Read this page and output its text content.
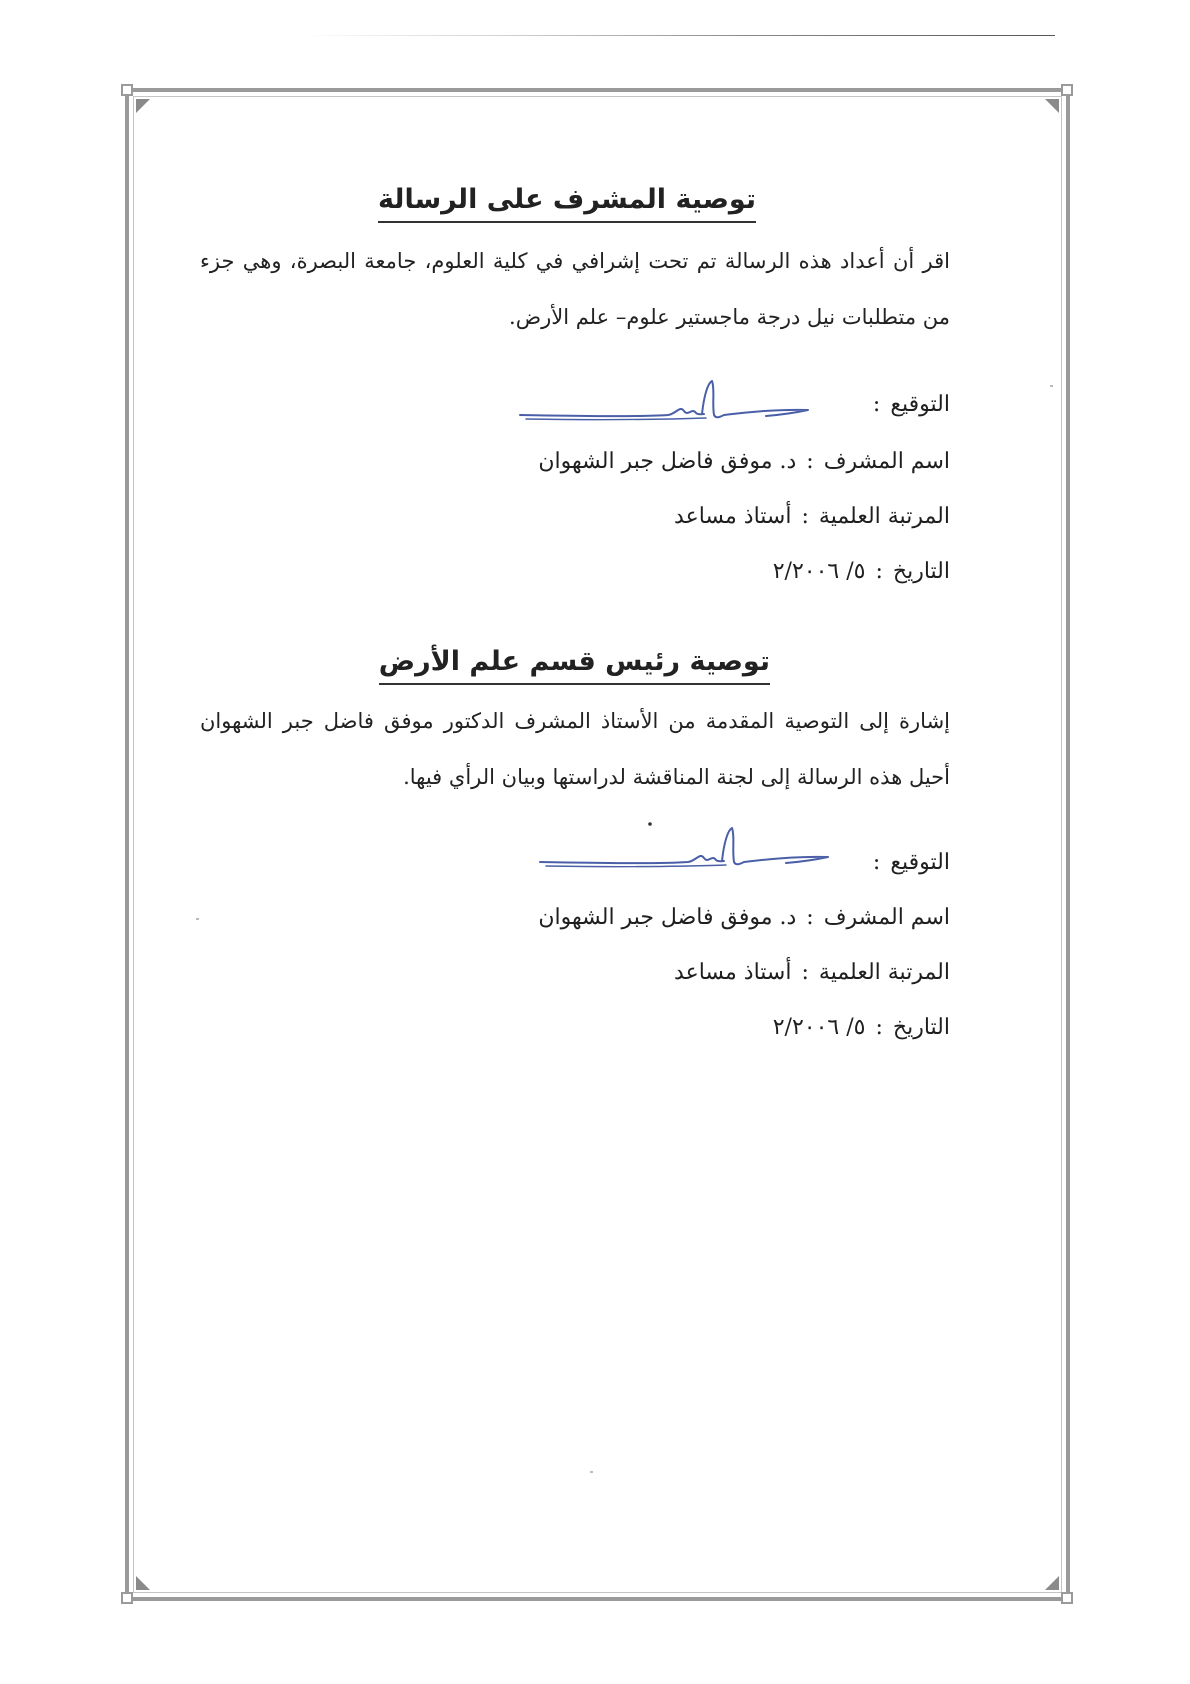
توصية المشرف على الرسالة
اقر أن أعداد هذه الرسالة تم تحت إشرافي في كلية العلوم، جامعة البصرة، وهي جزء من متطلبات نيل درجة ماجستير علوم– علم الأرض.
التوقيع:
اسم المشرف:د. موفق فاضل جبر الشهوان
المرتبة العلمية:أستاذ مساعد
التاريخ:٥/ ٢/٢٠٠٦
توصية رئيس قسم علم الأرض
إشارة إلى التوصية المقدمة من الأستاذ المشرف الدكتور موفق فاضل جبر الشهوان أحيل هذه الرسالة إلى لجنة المناقشة لدراستها وبيان الرأي فيها.
التوقيع:
اسم المشرف:د. موفق فاضل جبر الشهوان
المرتبة العلمية:أستاذ مساعد
التاريخ:٥/ ٢/٢٠٠٦
